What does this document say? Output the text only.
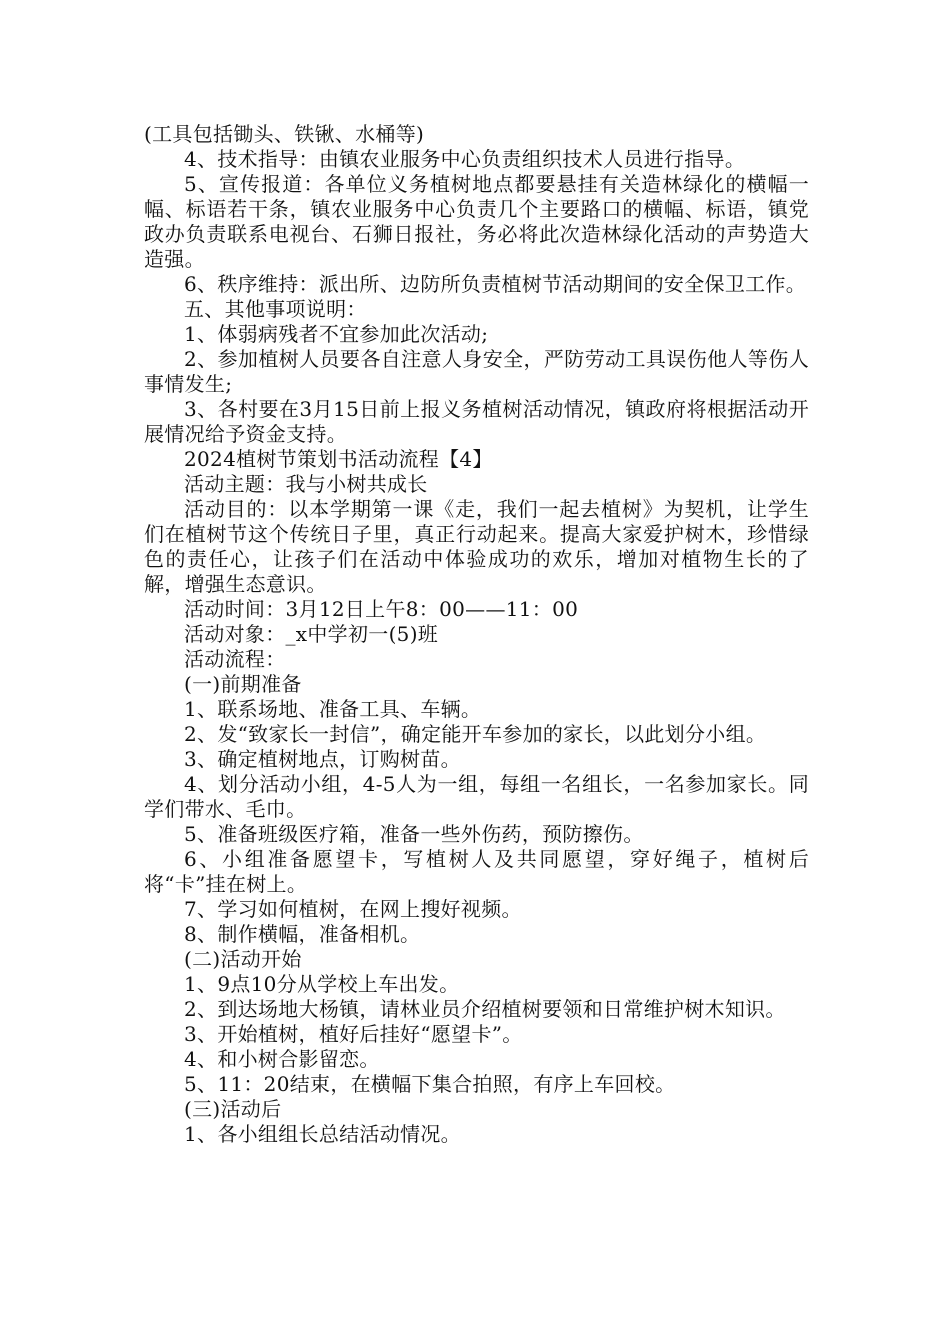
(工具包括锄头、铁锹、水桶等)

4、技术指导：由镇农业服务中心负责组织技术人员进行指导。

5、宣传报道：各单位义务植树地点都要悬挂有关造林绿化的横幅一幅、标语若干条，镇农业服务中心负责几个主要路口的横幅、标语，镇党政办负责联系电视台、石狮日报社，务必将此次造林绿化活动的声势造大造强。

6、秩序维持：派出所、边防所负责植树节活动期间的安全保卫工作。

五、其他事项说明：

1、体弱病残者不宜参加此次活动;

2、参加植树人员要各自注意人身安全，严防劳动工具误伤他人等伤人事情发生;

3、各村要在3月15日前上报义务植树活动情况，镇政府将根据活动开展情况给予资金支持。

2024植树节策划书活动流程【4】

活动主题：我与小树共成长

活动目的：以本学期第一课《走，我们一起去植树》为契机，让学生们在植树节这个传统日子里，真正行动起来。提高大家爱护树木，珍惜绿色的责任心，让孩子们在活动中体验成功的欢乐，增加对植物生长的了解，增强生态意识。

活动时间：3月12日上午8：00——11：00

活动对象：_x中学初一(5)班

活动流程：

(一)前期准备

1、联系场地、准备工具、车辆。

2、发“致家长一封信”，确定能开车参加的家长，以此划分小组。

3、确定植树地点，订购树苗。

4、划分活动小组，4-5人为一组，每组一名组长，一名参加家长。同学们带水、毛巾。

5、准备班级医疗箱，准备一些外伤药，预防擦伤。

6、小组准备愿望卡，写植树人及共同愿望，穿好绳子，植树后将“卡”挂在树上。

7、学习如何植树，在网上搜好视频。

8、制作横幅，准备相机。

(二)活动开始

1、9点10分从学校上车出发。

2、到达场地大杨镇，请林业员介绍植树要领和日常维护树木知识。

3、开始植树，植好后挂好“愿望卡”。

4、和小树合影留恋。

5、11：20结束，在横幅下集合拍照，有序上车回校。

(三)活动后

1、各小组组长总结活动情况。
